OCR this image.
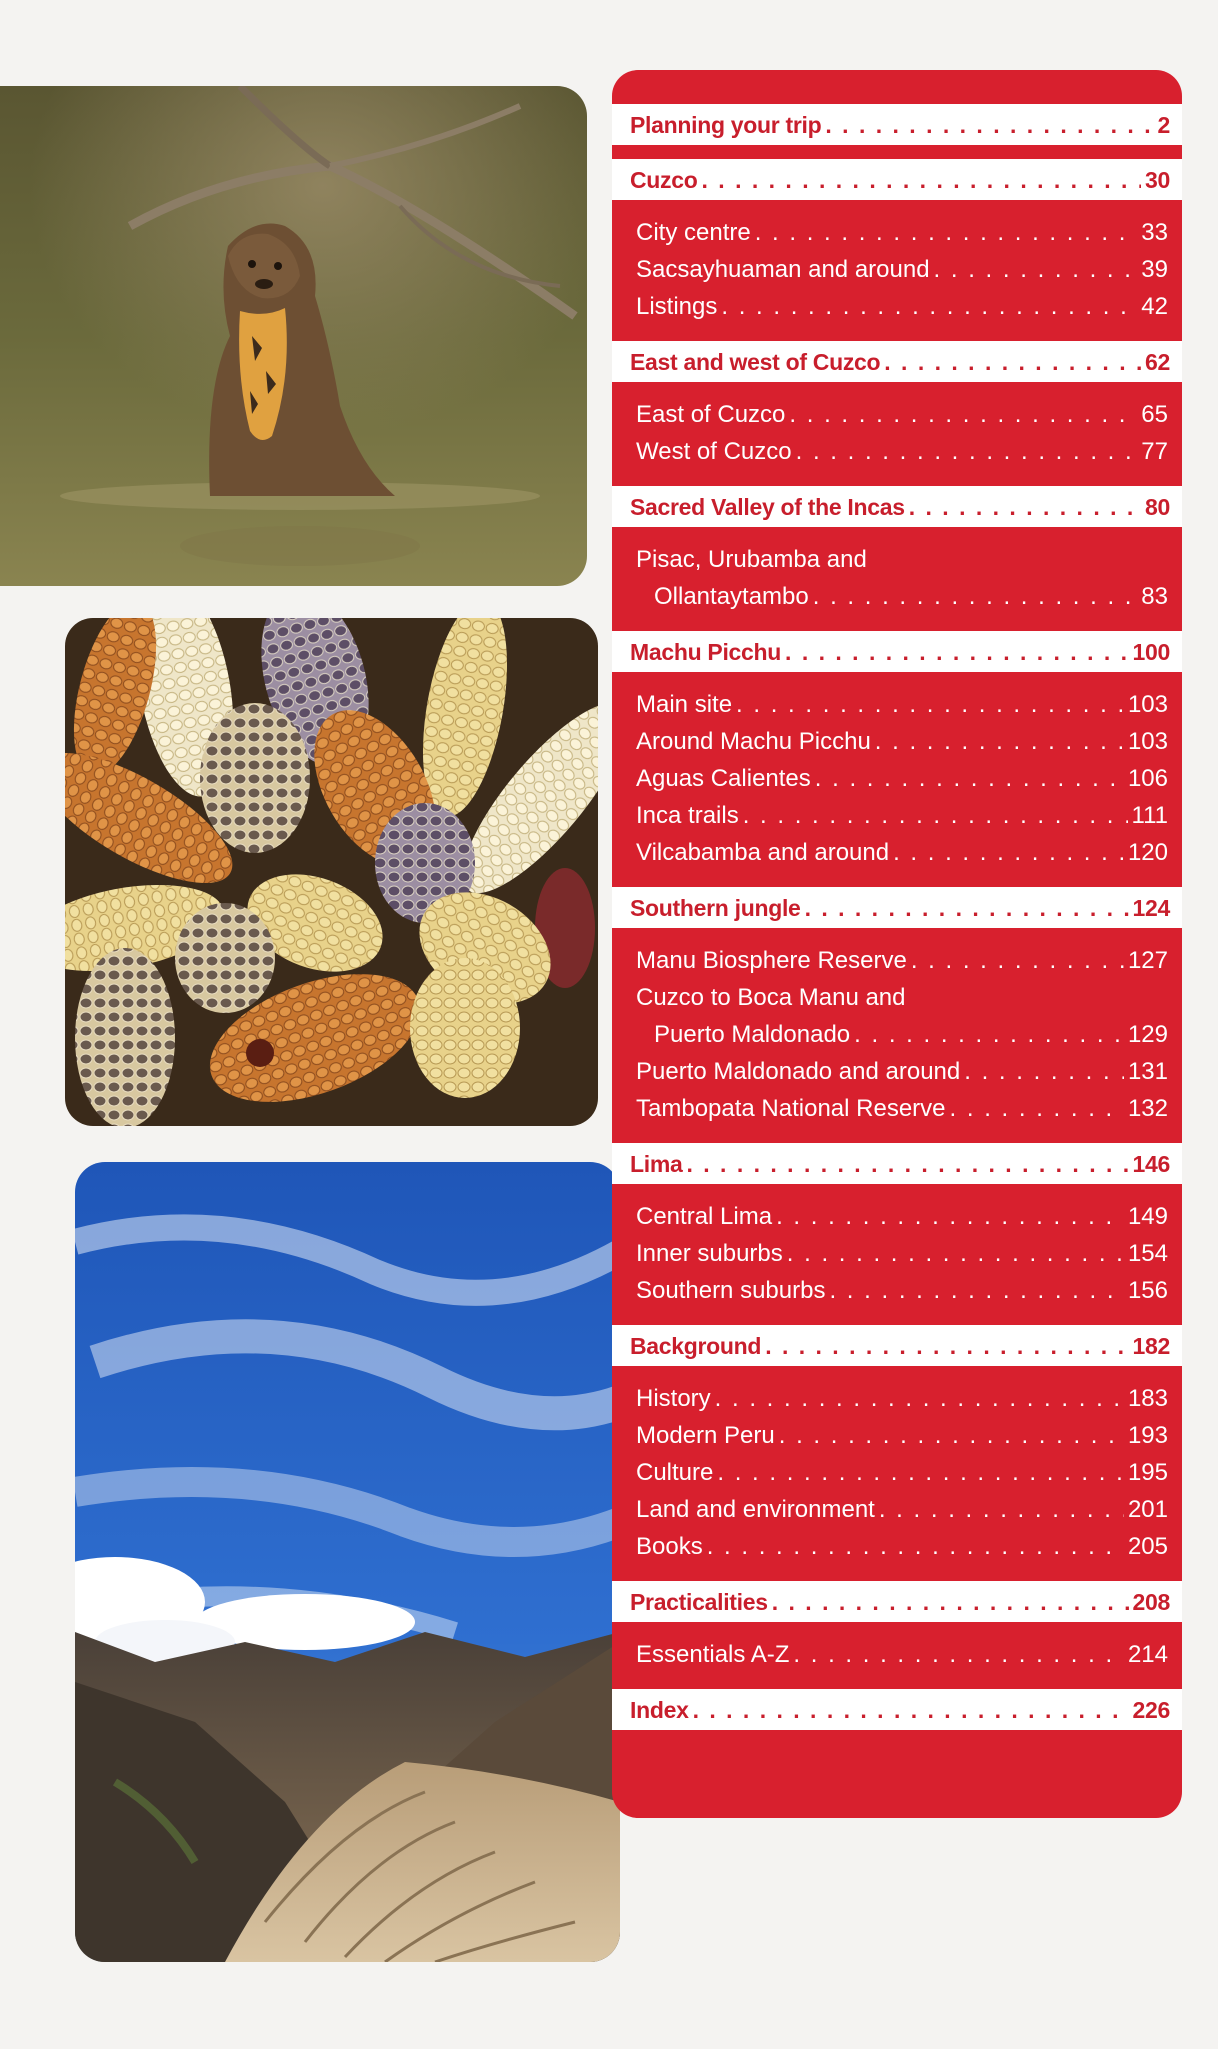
Planning your trip . . .	2
Cuzco . . .	30
City centre . . .	33
Sacsayhuaman and around . . .	39
Listings . . .	42
East and west of Cuzco . . .	62
East of Cuzco . . .	65
West of Cuzco . . .	77
Sacred Valley of the Incas . . .	80
Pisac, Urubamba and
Ollantaytambo . . .	83
Machu Picchu . . .	100
Main site . . .	103
Around Machu Picchu . . .	103
Aguas Calientes . . .	106
Inca trails . . .	111
Vilcabamba and around . . .	120
Southern jungle . . .	124
Manu Biosphere Reserve . . .	127
Cuzco to Boca Manu and
Puerto Maldonado . . .	129
Puerto Maldonado and around . . .	131
Tambopata National Reserve . . .	132
Lima . . .	146
Central Lima . . .	149
Inner suburbs . . .	154
Southern suburbs . . .	156
Background . . .	182
History . . .	183
Modern Peru . . .	193
Culture . . .	195
Land and environment . . .	201
Books . . .	205
Practicalities . . .	208
Essentials A-Z . . .	214
Index . . .	226
